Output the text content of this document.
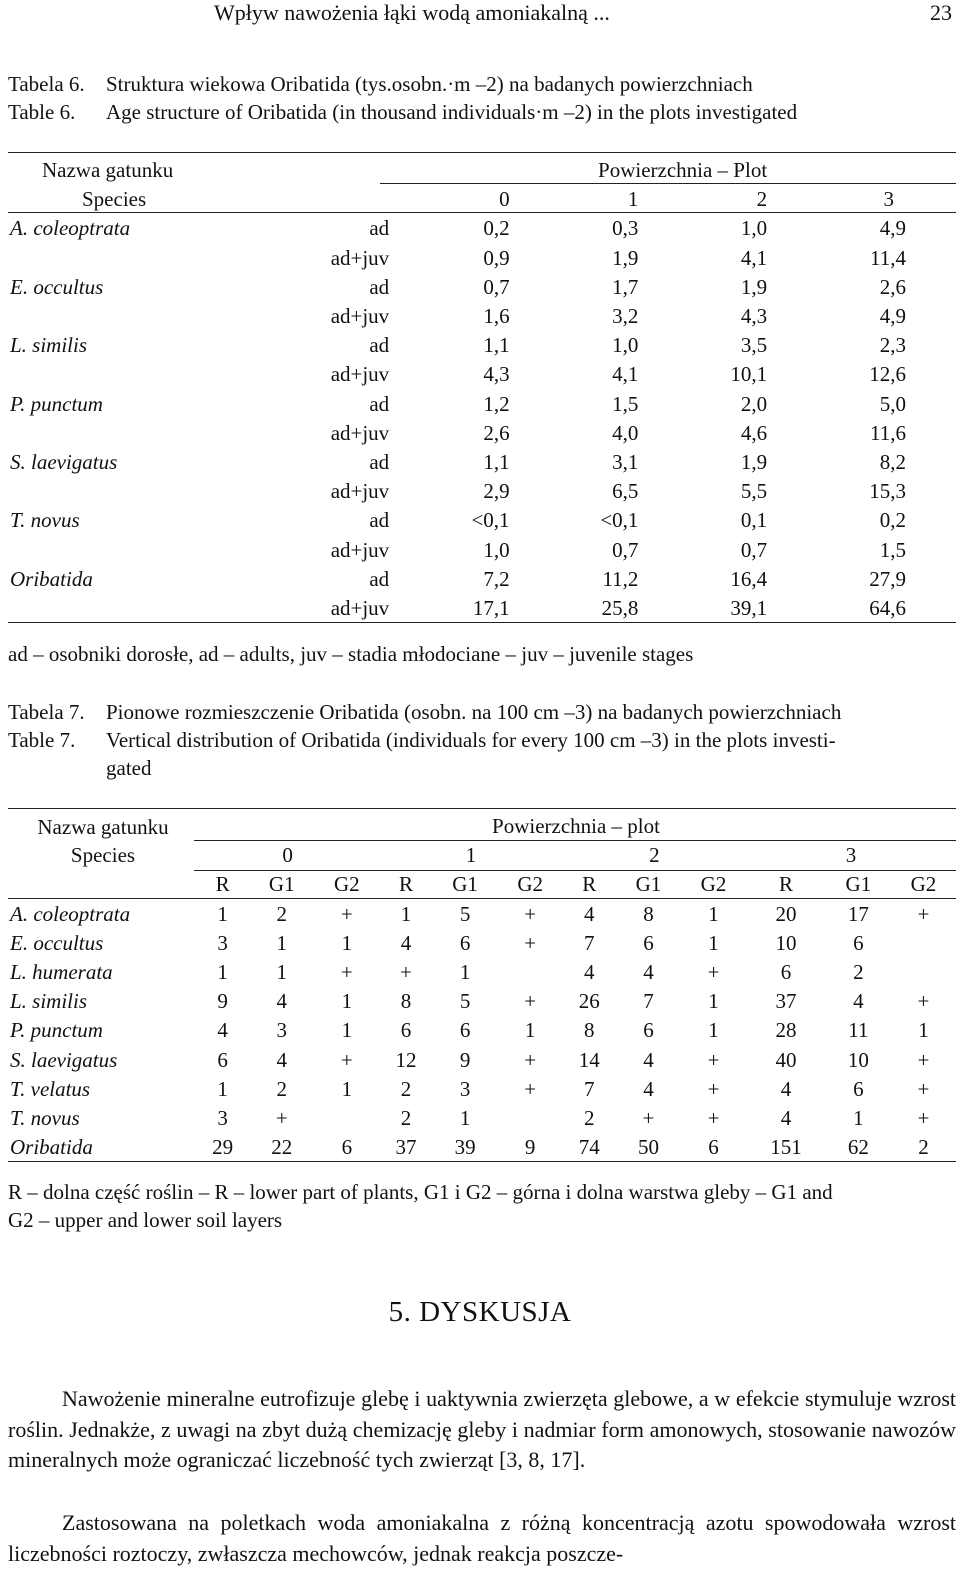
Wpływ nawożenia łąki wodą amoniakalną ...	23
Tabela 6. Struktura wiekowa Oribatida (tys.osobn.·m –2) na badanych powierzchniach
Table 6. Age structure of Oribatida (in thousand individuals·m –2) in the plots investigated
Nazwa gatunku		Powierzchnia – Plot			
Species		0	1	2	3
A. coleoptrata	ad	0,2	0,3	1,0	4,9
	ad+juv	0,9	1,9	4,1	11,4
E. occultus	ad	0,7	1,7	1,9	2,6
	ad+juv	1,6	3,2	4,3	4,9
L. similis	ad	1,1	1,0	3,5	2,3
	ad+juv	4,3	4,1	10,1	12,6
P. punctum	ad	1,2	1,5	2,0	5,0
	ad+juv	2,6	4,0	4,6	11,6
S. laevigatus	ad	1,1	3,1	1,9	8,2
	ad+juv	2,9	6,5	5,5	15,3
T. novus	ad	<0,1	<0,1	0,1	0,2
	ad+juv	1,0	0,7	0,7	1,5
Oribatida	ad	7,2	11,2	16,4	27,9
	ad+juv	17,1	25,8	39,1	64,6
ad – osobniki dorosłe, ad – adults, juv – stadia młodociane – juv – juvenile stages
Tabela 7. Pionowe rozmieszczenie Oribatida (osobn. na 100 cm –3) na badanych powierzchniach
Table 7. Vertical distribution of Oribatida (individuals for every 100 cm –3) in the plots investi-
gated
Nazwa gatunku
Species	Powierzchnia – plot											
	0			1			2			3		
	R	G1	G2	R	G1	G2	R	G1	G2	R	G1	G2
A. coleoptrata	1	2	+	1	5	+	4	8	1	20	17	+
E. occultus	3	1	1	4	6	+	7	6	1	10	6	
L. humerata	1	1	+	+	1		4	4	+	6	2	
L. similis	9	4	1	8	5	+	26	7	1	37	4	+
P. punctum	4	3	1	6	6	1	8	6	1	28	11	1
S. laevigatus	6	4	+	12	9	+	14	4	+	40	10	+
T. velatus	1	2	1	2	3	+	7	4	+	4	6	+
T. novus	3	+		2	1		2	+	+	4	1	+
Oribatida	29	22	6	37	39	9	74	50	6	151	62	2
R – dolna część roślin – R – lower part of plants, G1 i G2 – górna i dolna warstwa gleby – G1 and
G2 – upper and lower soil layers
5. DYSKUSJA
Nawożenie mineralne eutrofizuje glebę i uaktywnia zwierzęta glebowe, a w efekcie stymuluje wzrost roślin. Jednakże, z uwagi na zbyt dużą chemizację gleby i nadmiar form amonowych, stosowanie nawozów mineralnych może ograniczać liczebność tych zwierząt [3, 8, 17].
Zastosowana na poletkach woda amoniakalna z różną koncentracją azotu spowodowała wzrost liczebności roztoczy, zwłaszcza mechowców, jednak reakcja poszcze-
